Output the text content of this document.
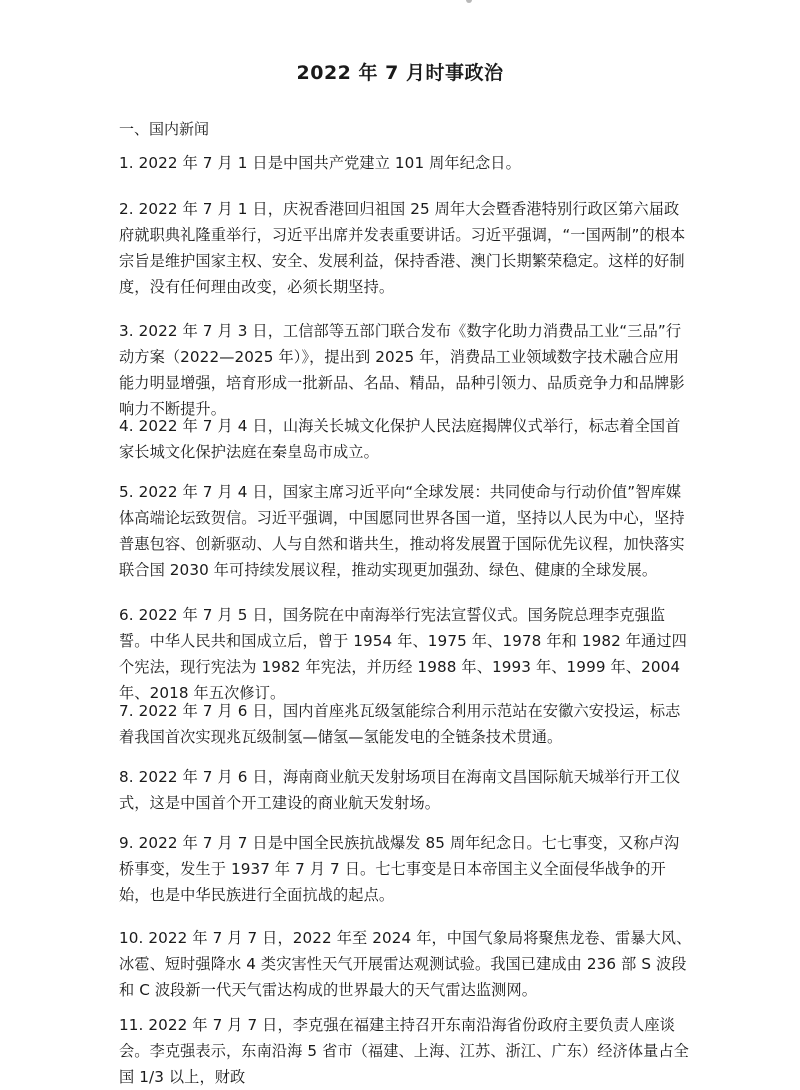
2022 年 7 月时事政治
一、国内新闻
1. 2022 年 7 月 1 日是中国共产党建立 101 周年纪念日。
2. 2022 年 7 月 1 日，庆祝香港回归祖国 25 周年大会暨香港特别行政区第六届政府就职典礼隆重举行，习近平出席并发表重要讲话。习近平强调，“一国两制”的根本宗旨是维护国家主权、安全、发展利益，保持香港、澳门长期繁荣稳定。这样的好制度，没有任何理由改变，必须长期坚持。
3. 2022 年 7 月 3 日，工信部等五部门联合发布《数字化助力消费品工业“三品”行动方案（2022—2025 年）》，提出到 2025 年，消费品工业领域数字技术融合应用能力明显增强，培育形成一批新品、名品、精品，品种引领力、品质竞争力和品牌影响力不断提升。
4. 2022 年 7 月 4 日，山海关长城文化保护人民法庭揭牌仪式举行，标志着全国首家长城文化保护法庭在秦皇岛市成立。
5. 2022 年 7 月 4 日，国家主席习近平向“全球发展：共同使命与行动价值”智库媒体高端论坛致贺信。习近平强调，中国愿同世界各国一道，坚持以人民为中心，坚持普惠包容、创新驱动、人与自然和谐共生，推动将发展置于国际优先议程，加快落实联合国 2030 年可持续发展议程，推动实现更加强劲、绿色、健康的全球发展。
6. 2022 年 7 月 5 日，国务院在中南海举行宪法宣誓仪式。国务院总理李克强监誓。中华人民共和国成立后，曾于 1954 年、1975 年、1978 年和 1982 年通过四个宪法，现行宪法为 1982 年宪法，并历经 1988 年、1993 年、1999 年、2004 年、2018 年五次修订。
7. 2022 年 7 月 6 日，国内首座兆瓦级氢能综合利用示范站在安徽六安投运，标志着我国首次实现兆瓦级制氢—储氢—氢能发电的全链条技术贯通。
8. 2022 年 7 月 6 日，海南商业航天发射场项目在海南文昌国际航天城举行开工仪式，这是中国首个开工建设的商业航天发射场。
9. 2022 年 7 月 7 日是中国全民族抗战爆发 85 周年纪念日。七七事变，又称卢沟桥事变，发生于 1937 年 7 月 7 日。七七事变是日本帝国主义全面侵华战争的开始，也是中华民族进行全面抗战的起点。
10. 2022 年 7 月 7 日，2022 年至 2024 年，中国气象局将聚焦龙卷、雷暴大风、冰雹、短时强降水 4 类灾害性天气开展雷达观测试验。我国已建成由 236 部 S 波段和 C 波段新一代天气雷达构成的世界最大的天气雷达监测网。
11. 2022 年 7 月 7 日，李克强在福建主持召开东南沿海省份政府主要负责人座谈会。李克强表示，东南沿海 5 省市（福建、上海、江苏、浙江、广东）经济体量占全国 1/3 以上，财政
